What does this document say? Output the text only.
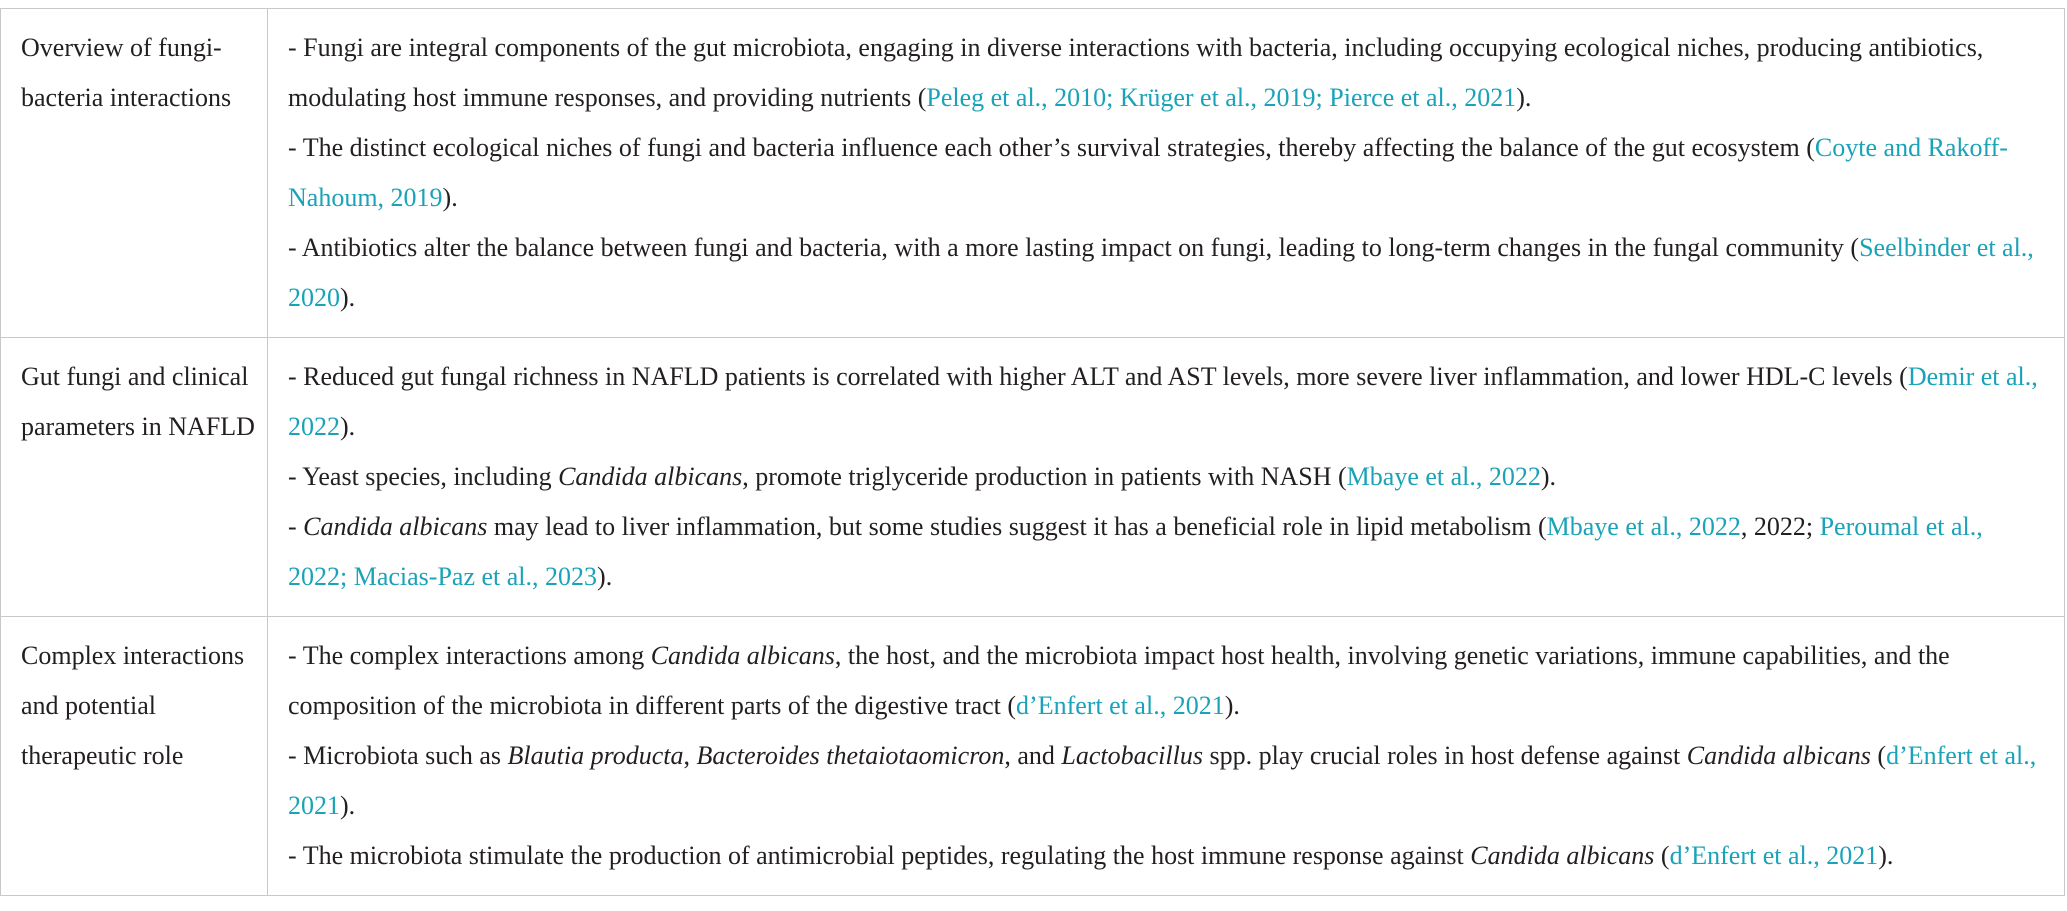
Overview of fungi-bacteria interactions
- Fungi are integral components of the gut microbiota, engaging in diverse interactions with bacteria, including occupying ecological niches, producing antibiotics, modulating host immune responses, and providing nutrients (Peleg et al., 2010; Krüger et al., 2019; Pierce et al., 2021).
- The distinct ecological niches of fungi and bacteria influence each other’s survival strategies, thereby affecting the balance of the gut ecosystem (Coyte and Rakoff-Nahoum, 2019).
- Antibiotics alter the balance between fungi and bacteria, with a more lasting impact on fungi, leading to long-term changes in the fungal community (Seelbinder et al., 2020).
Gut fungi and clinical parameters in NAFLD
- Reduced gut fungal richness in NAFLD patients is correlated with higher ALT and AST levels, more severe liver inflammation, and lower HDL-C levels (Demir et al., 2022).
- Yeast species, including Candida albicans, promote triglyceride production in patients with NASH (Mbaye et al., 2022).
- Candida albicans may lead to liver inflammation, but some studies suggest it has a beneficial role in lipid metabolism (Mbaye et al., 2022, 2022; Peroumal et al., 2022; Macias-Paz et al., 2023).
Complex interactions and potential therapeutic role
- The complex interactions among Candida albicans, the host, and the microbiota impact host health, involving genetic variations, immune capabilities, and the composition of the microbiota in different parts of the digestive tract (d’Enfert et al., 2021).
- Microbiota such as Blautia producta, Bacteroides thetaiotaomicron, and Lactobacillus spp. play crucial roles in host defense against Candida albicans (d’Enfert et al., 2021).
- The microbiota stimulate the production of antimicrobial peptides, regulating the host immune response against Candida albicans (d’Enfert et al., 2021).
